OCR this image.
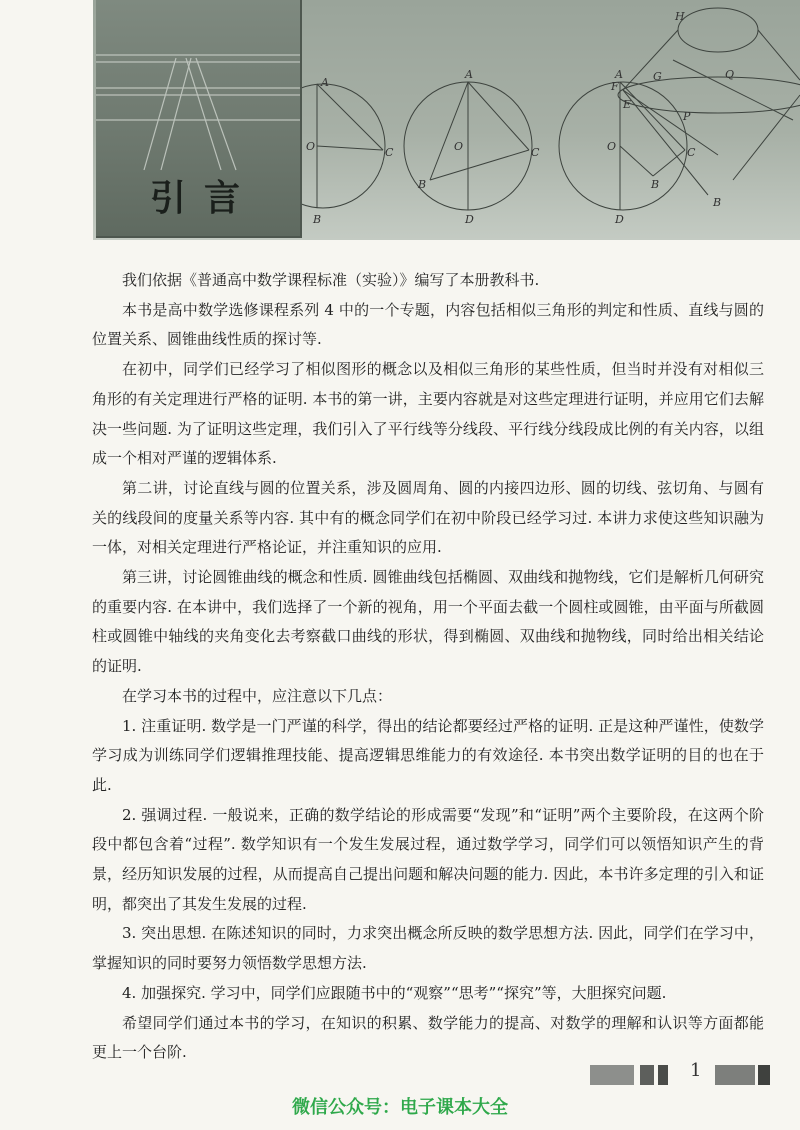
A
O	C
B
A
O	C
D
B
A
O	C
D
B
H
G	Q
F
E
P
B
引言

我们依据《普通高中数学课程标准（实验）》编写了本册教科书.

本书是高中数学选修课程系列 4 中的一个专题，内容包括相似三角形的判定和性质、直线与圆的位置关系、圆锥曲线性质的探讨等.

在初中，同学们已经学习了相似图形的概念以及相似三角形的某些性质，但当时并没有对相似三角形的有关定理进行严格的证明. 本书的第一讲，主要内容就是对这些定理进行证明，并应用它们去解决一些问题. 为了证明这些定理，我们引入了平行线等分线段、平行线分线段成比例的有关内容，以组成一个相对严谨的逻辑体系.

第二讲，讨论直线与圆的位置关系，涉及圆周角、圆的内接四边形、圆的切线、弦切角、与圆有关的线段间的度量关系等内容. 其中有的概念同学们在初中阶段已经学习过. 本讲力求使这些知识融为一体，对相关定理进行严格论证，并注重知识的应用.

第三讲，讨论圆锥曲线的概念和性质. 圆锥曲线包括椭圆、双曲线和抛物线，它们是解析几何研究的重要内容. 在本讲中，我们选择了一个新的视角，用一个平面去截一个圆柱或圆锥，由平面与所截圆柱或圆锥中轴线的夹角变化去考察截口曲线的形状，得到椭圆、双曲线和抛物线，同时给出相关结论的证明.

在学习本书的过程中，应注意以下几点：

1. 注重证明. 数学是一门严谨的科学，得出的结论都要经过严格的证明. 正是这种严谨性，使数学学习成为训练同学们逻辑推理技能、提高逻辑思维能力的有效途径. 本书突出数学证明的目的也在于此.

2. 强调过程. 一般说来，正确的数学结论的形成需要“发现”和“证明”两个主要阶段，在这两个阶段中都包含着“过程”. 数学知识有一个发生发展过程，通过数学学习，同学们可以领悟知识产生的背景，经历知识发展的过程，从而提高自己提出问题和解决问题的能力. 因此，本书许多定理的引入和证明，都突出了其发生发展的过程.

3. 突出思想. 在陈述知识的同时，力求突出概念所反映的数学思想方法. 因此，同学们在学习中，掌握知识的同时要努力领悟数学思想方法.

4. 加强探究. 学习中，同学们应跟随书中的“观察”“思考”“探究”等，大胆探究问题.

希望同学们通过本书的学习，在知识的积累、数学能力的提高、对数学的理解和认识等方面都能更上一个台阶.

1
微信公众号：电子课本大全
